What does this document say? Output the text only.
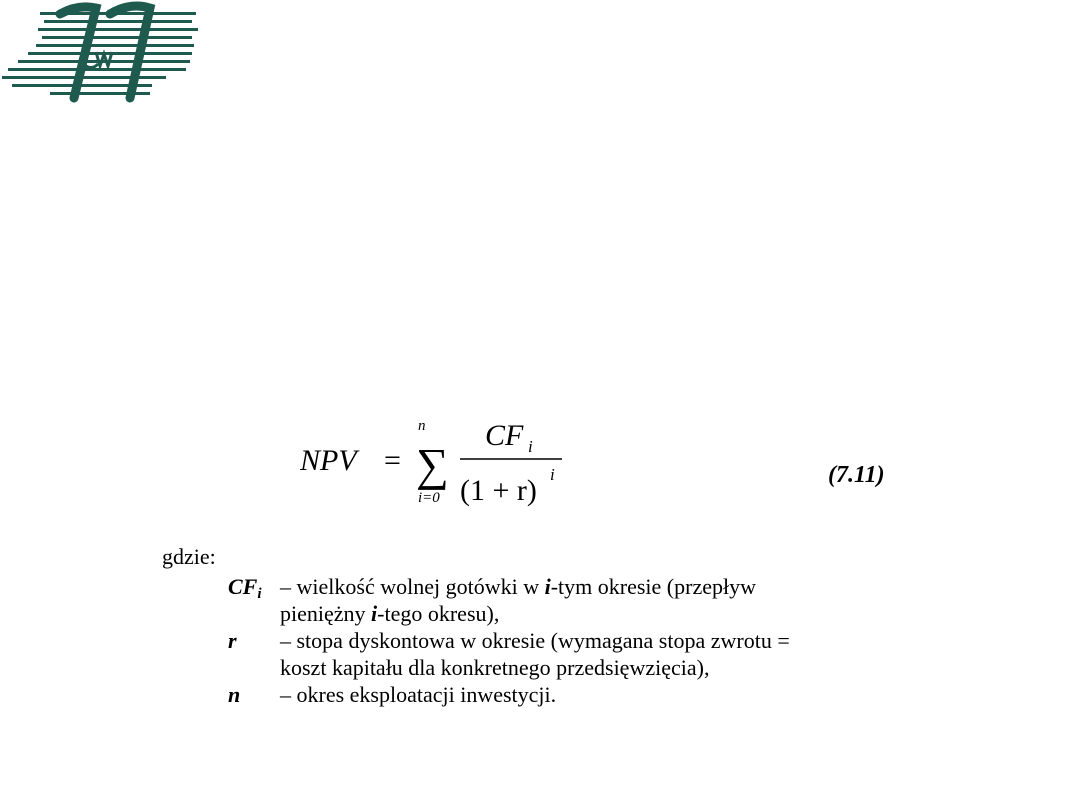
NPV = ∑
n
i=0
CF i
(1 + r) i	(7.11)
gdzie:
$CF_i$ – wielkość wolnej gotówki w i-tym okresie (przepływ
pieniężny i-tego okresu),
r – stopa dyskontowa w okresie (wymagana stopa zwrotu =
koszt kapitału dla konkretnego przedsięwzięcia),
n – okres eksploatacji inwestycji.
